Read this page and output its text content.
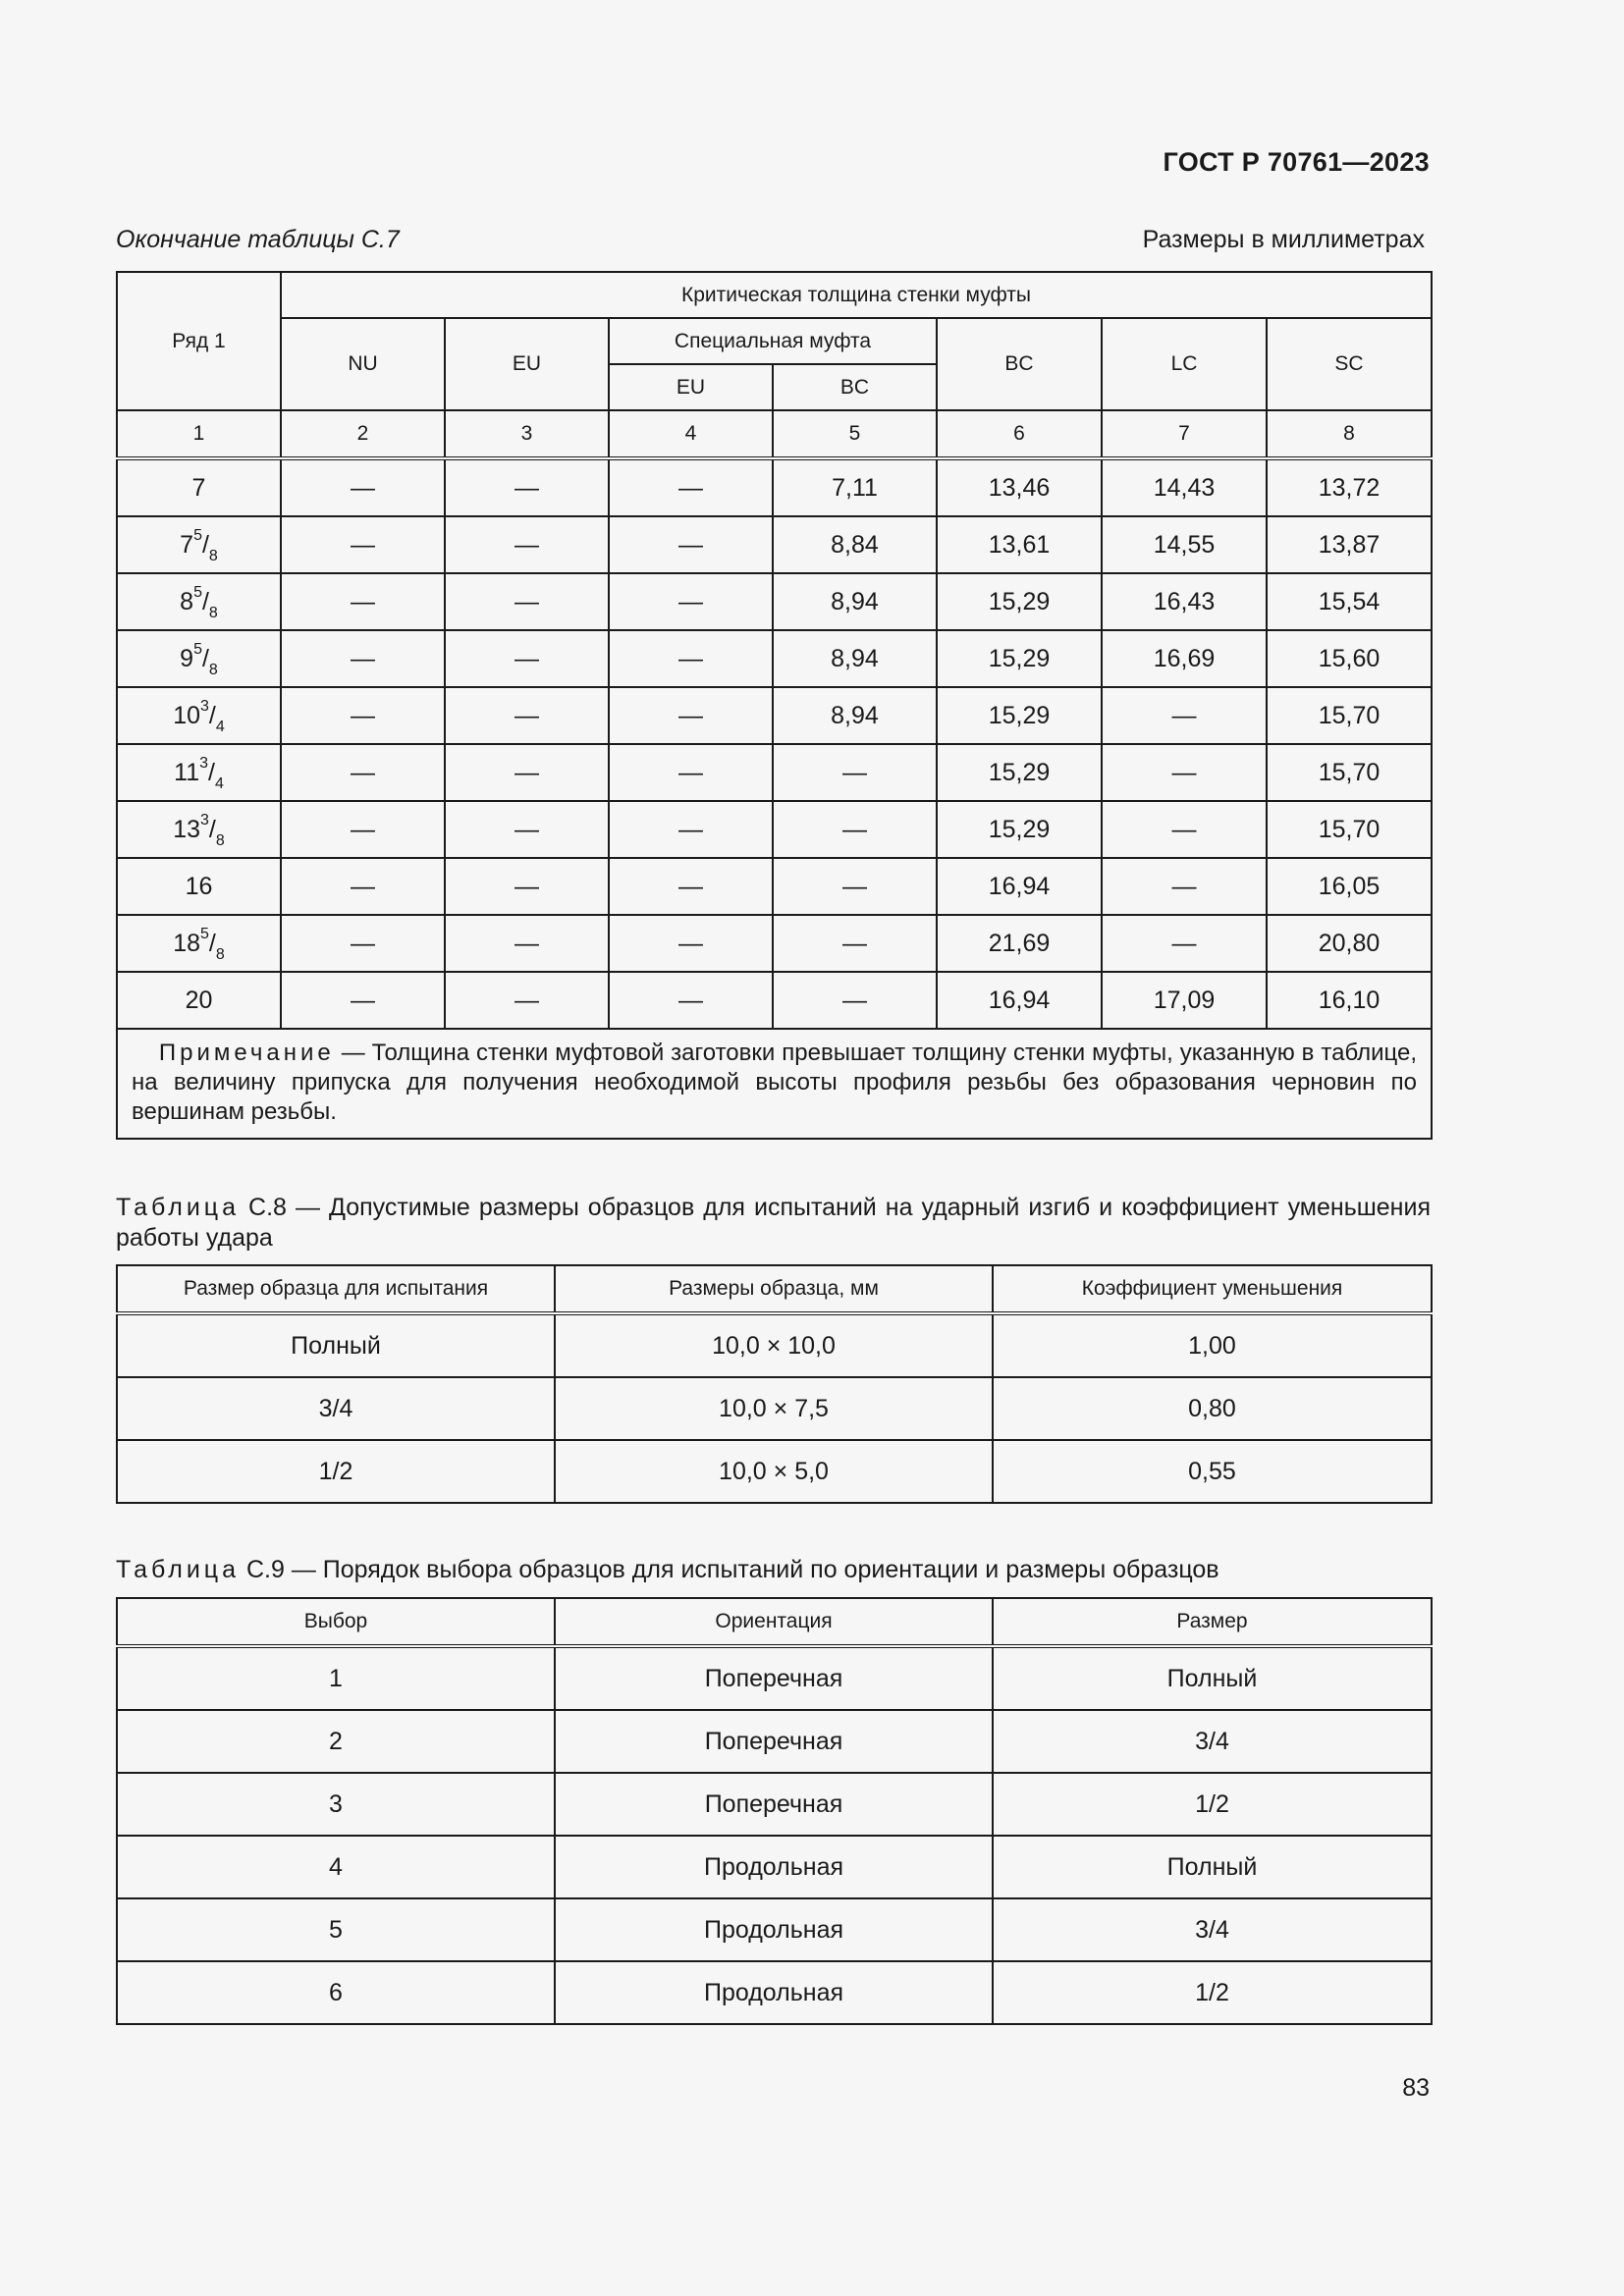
ГОСТ Р 70761—2023
Окончание таблицы С.7	Размеры в миллиметрах
Ряд 1	Критическая толщина стенки муфты						
	NU	EU	Специальная муфта		BC	LC	SC
			EU	BC			
1	2	3	4	5	6	7	8
7	—	—	—	7,11	13,46	14,43	13,72
$7^5/_8$	—	—	—	8,84	13,61	14,55	13,87
$8^5/_8$	—	—	—	8,94	15,29	16,43	15,54
$9^5/_8$	—	—	—	8,94	15,29	16,69	15,60
$10^3/_4$	—	—	—	8,94	15,29	—	15,70
$11^3/_4$	—	—	—	—	15,29	—	15,70
$13^3/_8$	—	—	—	—	15,29	—	15,70
16	—	—	—	—	16,94	—	16,05
$18^5/_8$	—	—	—	—	21,69	—	20,80
20	—	—	—	—	16,94	17,09	16,10
Примечание — Толщина стенки муфтовой заготовки превышает толщину стенки муфты, указанную в таблице, на величину припуска для получения необходимой высоты профиля резьбы без образования черновин по вершинам резьбы.							
Таблица С.8 — Допустимые размеры образцов для испытаний на ударный изгиб и коэффициент уменьшения работы удара
Размер образца для испытания	Размеры образца, мм	Коэффициент уменьшения
Полный	10,0 × 10,0	1,00
3/4	10,0 × 7,5	0,80
1/2	10,0 × 5,0	0,55
Таблица С.9 — Порядок выбора образцов для испытаний по ориентации и размеры образцов
Выбор	Ориентация	Размер
1	Поперечная	Полный
2	Поперечная	3/4
3	Поперечная	1/2
4	Продольная	Полный
5	Продольная	3/4
6	Продольная	1/2
83
